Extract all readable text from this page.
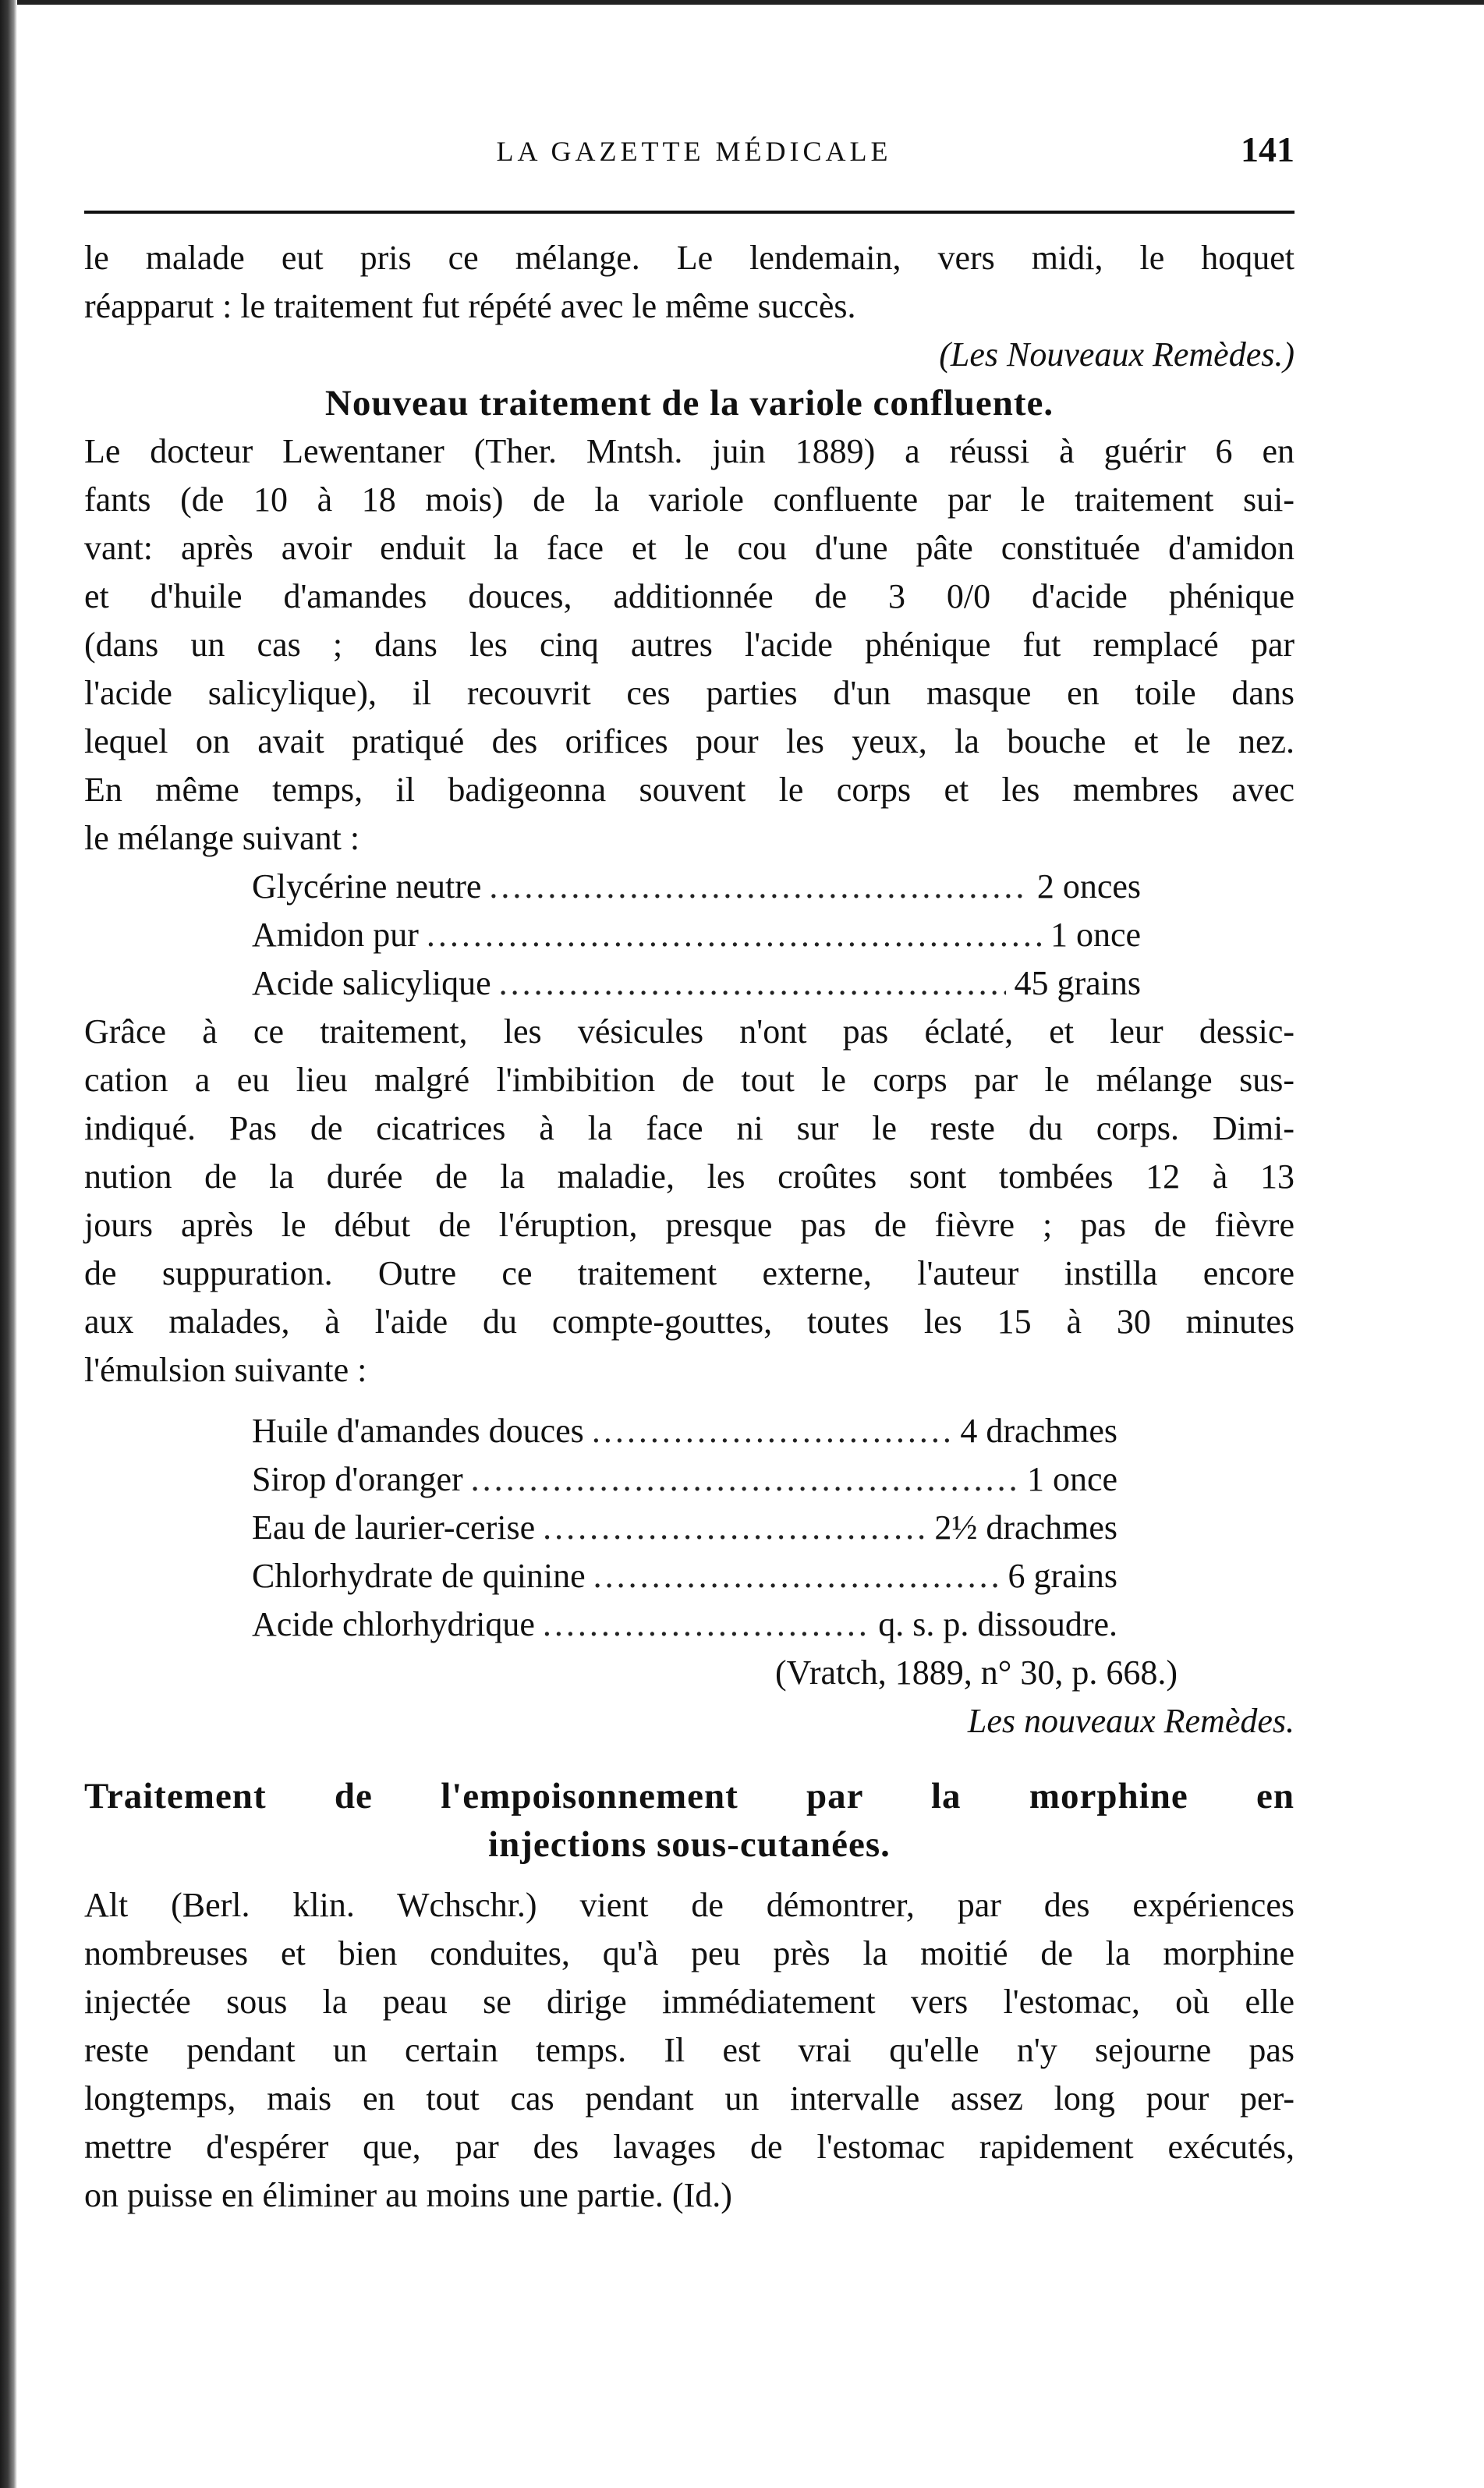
LA GAZETTE MÉDICALE	141
le malade eut pris ce mélange. Le lendemain, vers midi, le hoquet
réapparut : le traitement fut répété avec le même succès.
(Les Nouveaux Remèdes.)
Nouveau traitement de la variole confluente.
Le docteur Lewentaner (Ther. Mntsh. juin 1889) a réussi à guérir 6 en
fants (de 10 à 18 mois) de la variole confluente par le traitement sui-
vant: après avoir enduit la face et le cou d'une pâte constituée d'amidon
et d'huile d'amandes douces, additionnée de 3 0/0 d'acide phénique
(dans un cas ; dans les cinq autres l'acide phénique fut remplacé par
l'acide salicylique), il recouvrit ces parties d'un masque en toile dans
lequel on avait pratiqué des orifices pour les yeux, la bouche et le nez.
En même temps, il badigeonna souvent le corps et les membres avec
le mélange suivant :
Glycérine neutre .....	2 onces
Amidon pur .....	1 once
Acide salicylique .....	45 grains
Grâce à ce traitement, les vésicules n'ont pas éclaté, et leur dessic-
cation a eu lieu malgré l'imbibition de tout le corps par le mélange sus-
indiqué. Pas de cicatrices à la face ni sur le reste du corps. Dimi-
nution de la durée de la maladie, les croûtes sont tombées 12 à 13
jours après le début de l'éruption, presque pas de fièvre ; pas de fièvre
de suppuration. Outre ce traitement externe, l'auteur instilla encore
aux malades, à l'aide du compte-gouttes, toutes les 15 à 30 minutes
l'émulsion suivante :
Huile d'amandes douces .....	4 drachmes
Sirop d'oranger .....	1 once
Eau de laurier-cerise .....	2½ drachmes
Chlorhydrate de quinine .....	6 grains
Acide chlorhydrique .....	q. s. p. dissoudre.
(Vratch, 1889, n° 30, p. 668.)
Les nouveaux Remèdes.
Traitement de l'empoisonnement par la morphine en
injections sous-cutanées.
Alt (Berl. klin. Wchschr.) vient de démontrer, par des expériences
nombreuses et bien conduites, qu'à peu près la moitié de la morphine
injectée sous la peau se dirige immédiatement vers l'estomac, où elle
reste pendant un certain temps. Il est vrai qu'elle n'y sejourne pas
longtemps, mais en tout cas pendant un intervalle assez long pour per-
mettre d'espérer que, par des lavages de l'estomac rapidement exécutés,
on puisse en éliminer au moins une partie. (Id.)
